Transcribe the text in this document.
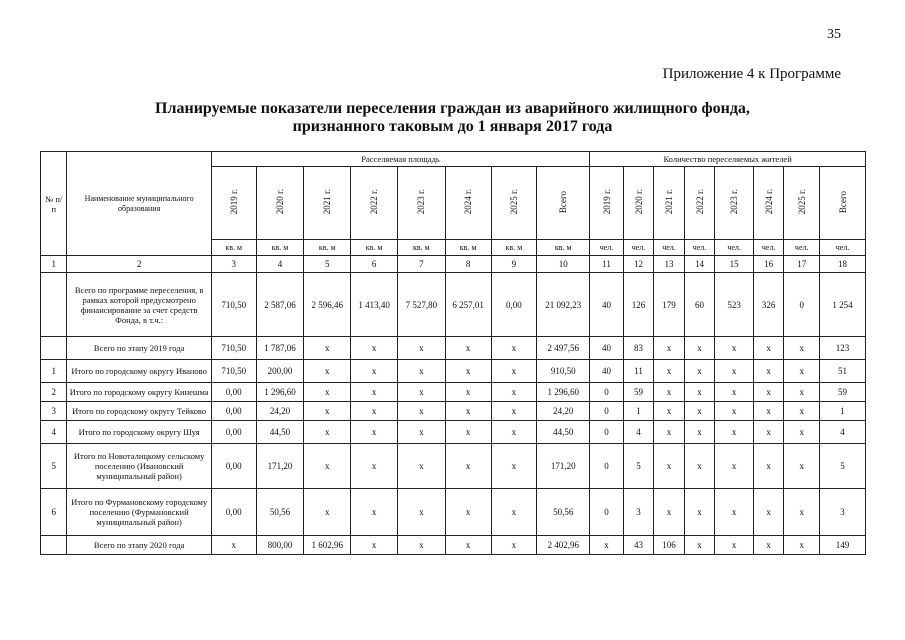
35
Приложение 4 к Программе
Планируемые показатели переселения граждан из аварийного жилищного фонда,
признанного таковым до 1 января 2017 года
№ п/ п	Наименование муниципального образования	Расселяемая площадь								Количество переселяемых жителей							
		2019 г.	2020 г.	2021 г.	2022 г.	2023 г.	2024 г.	2025 г.	Всего	2019 г.	2020 г.	2021 г.	2022 г.	2023 г.	2024 г.	2025 г.	Всего
		кв. м	кв. м	кв. м	кв. м	кв. м	кв. м	кв. м	кв. м	чел.	чел.	чел.	чел.	чел.	чел.	чел.	чел.
1	2	3	4	5	6	7	8	9	10	11	12	13	14	15	16	17	18
	Всего по программе переселения, в рамках которой предусмотрено финансирование за счет средств Фонда, в т.ч.:	710,50	2 587,06	2 596,46	1 413,40	7 527,80	6 257,01	0,00	21 092,23	40	126	179	60	523	326	0	1 254
	Всего по этапу 2019 года	710,50	1 787,06	x	x	x	x	x	2 497,56	40	83	x	x	x	x	x	123
1	Итого по городскому округу Иваново	710,50	200,00	x	x	x	x	x	910,50	40	11	x	x	x	x	x	51
2	Итого по городскому округу Кинешма	0,00	1 296,60	x	x	x	x	x	1 296,60	0	59	x	x	x	x	x	59
3	Итого по городскому округу Тейково	0,00	24,20	x	x	x	x	x	24,20	0	1	x	x	x	x	x	1
4	Итого по городскому округу Шуя	0,00	44,50	x	x	x	x	x	44,50	0	4	x	x	x	x	x	4
5	Итого по Новоталицкому сельскому поселению (Ивановский муниципальный район)	0,00	171,20	x	x	x	x	x	171,20	0	5	x	x	x	x	x	5
6	Итого по Фурмановскому городскому поселению (Фурмановский муниципальный район)	0,00	50,56	x	x	x	x	x	50,56	0	3	x	x	x	x	x	3
	Всего по этапу 2020 года	x	800,00	1 602,96	x	x	x	x	2 402,96	x	43	106	x	x	x	x	149
